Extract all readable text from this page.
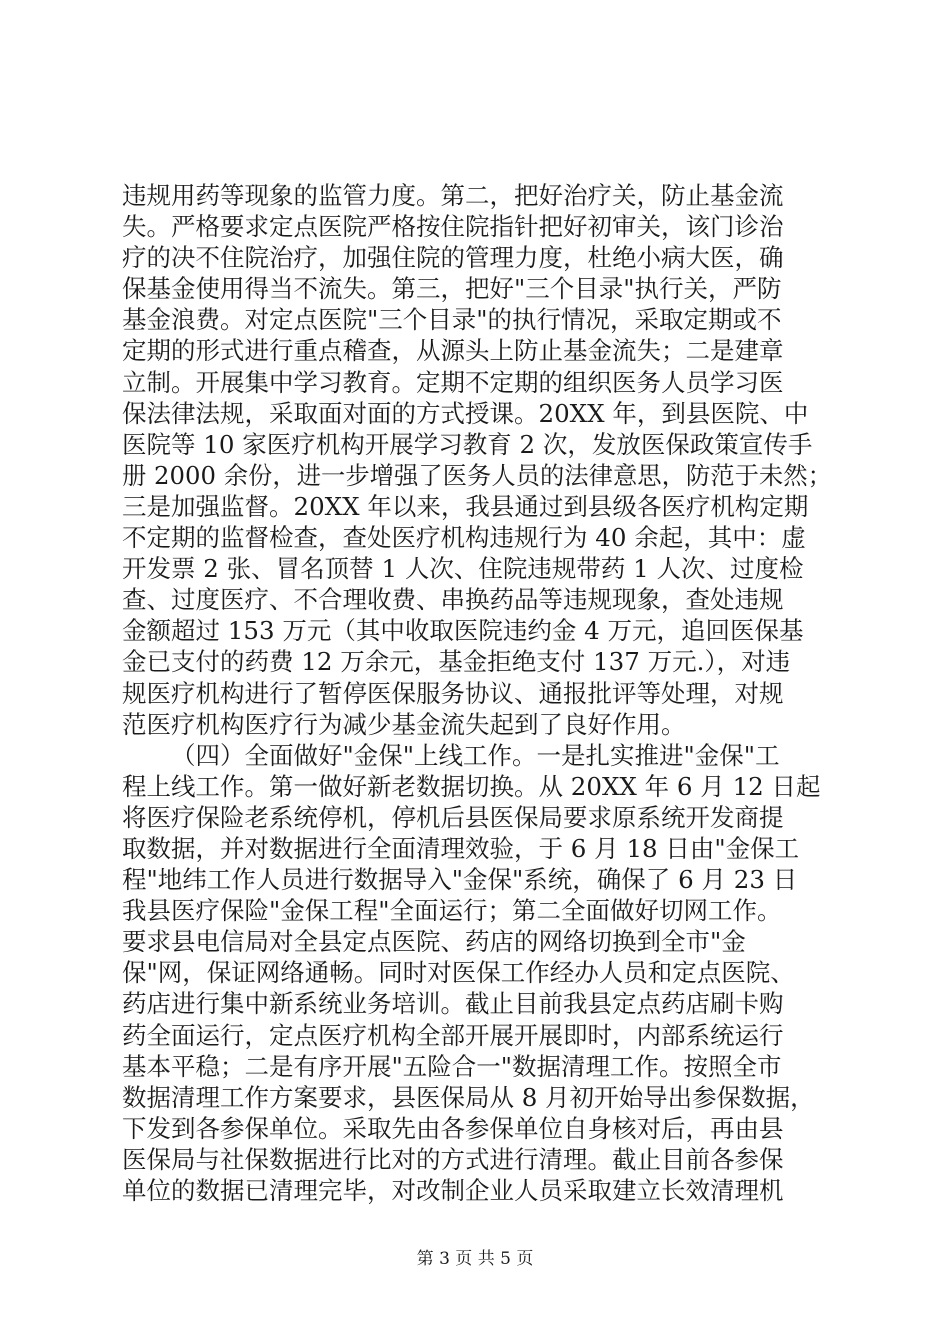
违规用药等现象的监管力度。第二，把好治疗关，防止基金流
失。严格要求定点医院严格按住院指针把好初审关，该门诊治
疗的决不住院治疗，加强住院的管理力度，杜绝小病大医，确
保基金使用得当不流失。第三，把好"三个目录"执行关，严防
基金浪费。对定点医院"三个目录"的执行情况，采取定期或不
定期的形式进行重点稽查，从源头上防止基金流失；二是建章
立制。开展集中学习教育。定期不定期的组织医务人员学习医
保法律法规，采取面对面的方式授课。20XX 年，到县医院、中
医院等 10 家医疗机构开展学习教育 2 次，发放医保政策宣传手
册 2000 余份，进一步增强了医务人员的法律意思，防范于未然；
三是加强监督。20XX 年以来，我县通过到县级各医疗机构定期
不定期的监督检查，查处医疗机构违规行为 40 余起，其中：虚
开发票 2 张、冒名顶替 1 人次、住院违规带药 1 人次、过度检
查、过度医疗、不合理收费、串换药品等违规现象，查处违规
金额超过 153 万元（其中收取医院违约金 4 万元，追回医保基
金已支付的药费 12 万余元，基金拒绝支付 137 万元.），对违
规医疗机构进行了暂停医保服务协议、通报批评等处理，对规
范医疗机构医疗行为减少基金流失起到了良好作用。
（四）全面做好"金保"上线工作。一是扎实推进"金保"工
程上线工作。第一做好新老数据切换。从 20XX 年 6 月 12 日起
将医疗保险老系统停机，停机后县医保局要求原系统开发商提
取数据，并对数据进行全面清理效验，于 6 月 18 日由"金保工
程"地纬工作人员进行数据导入"金保"系统，确保了 6 月 23 日
我县医疗保险"金保工程"全面运行；第二全面做好切网工作。
要求县电信局对全县定点医院、药店的网络切换到全市"金
保"网，保证网络通畅。同时对医保工作经办人员和定点医院、
药店进行集中新系统业务培训。截止目前我县定点药店刷卡购
药全面运行，定点医疗机构全部开展开展即时，内部系统运行
基本平稳；二是有序开展"五险合一"数据清理工作。按照全市
数据清理工作方案要求，县医保局从 8 月初开始导出参保数据，
下发到各参保单位。采取先由各参保单位自身核对后，再由县
医保局与社保数据进行比对的方式进行清理。截止目前各参保
单位的数据已清理完毕，对改制企业人员采取建立长效清理机
第 3 页 共 5 页
